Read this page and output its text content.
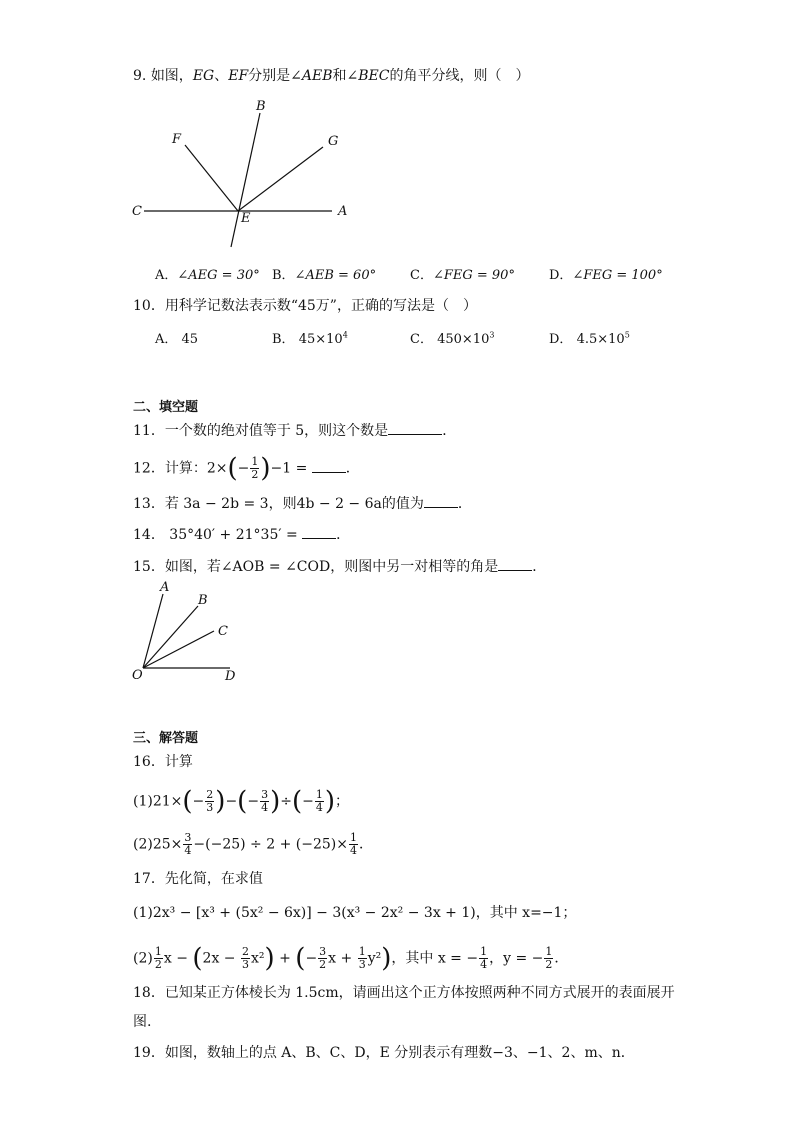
9. 如图，EG、EF分别是∠AEB和∠BEC的角平分线，则（　）
B
F	G
C	E	A
A．∠AEG = 30° B．∠AEB = 60°	C．∠FEG = 90°	D．∠FEG = 100°
10．用科学记数法表示数“45万”，正确的写法是（　）
A． 45	B． $45\times 10^4$	C． $450\times 10^3$	D． $4.5\times 10^5$
二、填空题
11．一个数的绝对值等于 5，则这个数是	．
12．计算：$2\times(- \frac{1}{2} )-1$ =	．
13．若 3a − 2b = 3，则4b − 2 − 6a的值为 ．
14． 35°40′ + 21°35′ =	．
15．如图，若∠AOB = ∠COD，则图中另一对相等的角是 ．
A
B
C
O	D
三、解答题
16．计算
$(1)21\times(- \frac{2}{3}$ )−(− $\frac{3}{4}$ )÷(− $\frac{1}{4}$ )；
$(2)25\times \frac{3}{4} -(-25) \div 2 + (-25)\times \frac{1}{4}$ ．
17．先化简，在求值
(1)2x³ − [x³ + (5x² − 6x)] − 3(x³ − 2x² − 3x + 1)，其中 x=−1；
$(2) \frac{1}{2}$ $x - (2x - \frac{2}{3} x^2)$ + (− $\frac{3}{2}$ $x + \frac{1}{3} y^2$)，其中 x = − $\frac{1}{4}$ ，y = − $\frac{1}{2}$ ．
18．已知某正方体棱长为 1.5cm，请画出这个正方体按照两种不同方式展开的表面展开
图.
19．如图，数轴上的点 A、B、C、D，E 分别表示有理数−3、−1、2、m、n．
